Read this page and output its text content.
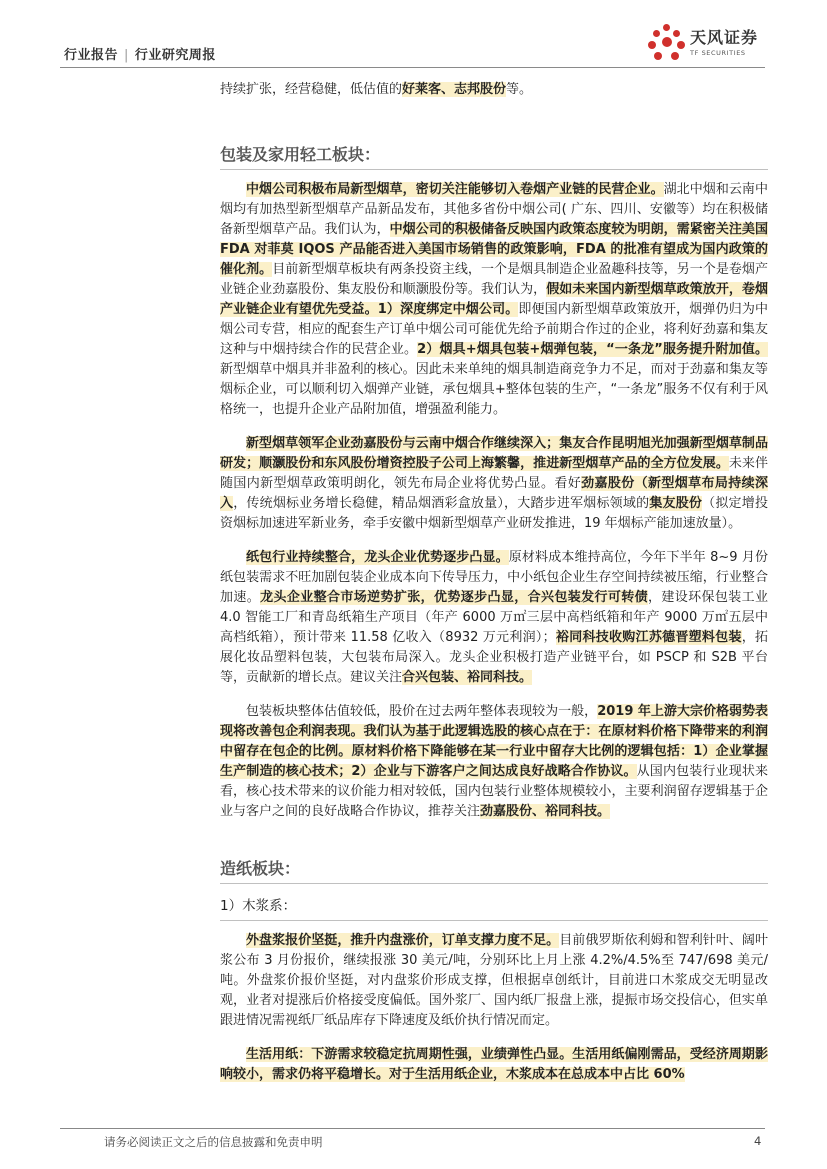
行业报告 | 行业研究周报
天风证券
TF SECURITIES

持续扩张，经营稳健，低估值的好莱客、志邦股份等。

包装及家用轻工板块：

中烟公司积极布局新型烟草，密切关注能够切入卷烟产业链的民营企业。湖北中烟和云南中烟均有加热型新型烟草产品新品发布，其他多省份中烟公司( 广东、四川、安徽等）均在积极储备新型烟草产品。我们认为，中烟公司的积极储备反映国内政策态度较为明朗，需紧密关注美国 FDA 对菲莫 IQOS 产品能否进入美国市场销售的政策影响，FDA 的批准有望成为国内政策的催化剂。目前新型烟草板块有两条投资主线，一个是烟具制造企业盈趣科技等，另一个是卷烟产业链企业劲嘉股份、集友股份和顺灏股份等。我们认为，假如未来国内新型烟草政策放开，卷烟产业链企业有望优先受益。1）深度绑定中烟公司。即便国内新型烟草政策放开，烟弹仍归为中烟公司专营，相应的配套生产订单中烟公司可能优先给予前期合作过的企业，将利好劲嘉和集友这种与中烟持续合作的民营企业。2）烟具+烟具包装+烟弹包装，“一条龙”服务提升附加值。新型烟草中烟具并非盈利的核心。因此未来单纯的烟具制造商竞争力不足，而对于劲嘉和集友等烟标企业，可以顺利切入烟弹产业链，承包烟具+整体包装的生产，“一条龙”服务不仅有利于风格统一，也提升企业产品附加值，增强盈利能力。

新型烟草领军企业劲嘉股份与云南中烟合作继续深入；集友合作昆明旭光加强新型烟草制品研发；顺灏股份和东风股份增资控股子公司上海繁馨，推进新型烟草产品的全方位发展。未来伴随国内新型烟草政策明朗化，领先布局企业将优势凸显。看好劲嘉股份（新型烟草布局持续深入，传统烟标业务增长稳健，精品烟酒彩盒放量），大踏步进军烟标领域的集友股份（拟定增投资烟标加速进军新业务，牵手安徽中烟新型烟草产业研发推进，19 年烟标产能加速放量）。

纸包行业持续整合，龙头企业优势逐步凸显。原材料成本维持高位，今年下半年 8~9 月份纸包装需求不旺加剧包装企业成本向下传导压力，中小纸包企业生存空间持续被压缩，行业整合加速。龙头企业整合市场逆势扩张，优势逐步凸显，合兴包装发行可转债，建设环保包装工业 4.0 智能工厂和青岛纸箱生产项目（年产 6000 万㎡三层中高档纸箱和年产 9000 万㎡五层中高档纸箱），预计带来 11.58 亿收入（8932 万元利润）；裕同科技收购江苏德晋塑料包装，拓展化妆品塑料包装，大包装布局深入。龙头企业积极打造产业链平台，如 PSCP 和 S2B 平台等，贡献新的增长点。建议关注合兴包装、裕同科技。

包装板块整体估值较低，股价在过去两年整体表现较为一般，2019 年上游大宗价格弱势表现将改善包企利润表现。我们认为基于此逻辑选股的核心点在于：在原材料价格下降带来的利润中留存在包企的比例。原材料价格下降能够在某一行业中留存大比例的逻辑包括：1）企业掌握生产制造的核心技术；2）企业与下游客户之间达成良好战略合作协议。从国内包装行业现状来看，核心技术带来的议价能力相对较低，国内包装行业整体规模较小，主要利润留存逻辑基于企业与客户之间的良好战略合作协议，推荐关注劲嘉股份、裕同科技。

造纸板块：
1）木浆系：

外盘浆报价坚挺，推升内盘涨价，订单支撑力度不足。目前俄罗斯依利姆和智利针叶、阔叶浆公布 3 月份报价，继续报涨 30 美元/吨，分别环比上月上涨 4.2%/4.5%至 747/698 美元/吨。外盘浆价报价坚挺，对内盘浆价形成支撑，但根据卓创纸计，目前进口木浆成交无明显改观，业者对提涨后价格接受度偏低。国外浆厂、国内纸厂报盘上涨，提振市场交投信心，但实单跟进情况需视纸厂纸品库存下降速度及纸价执行情况而定。

生活用纸：下游需求较稳定抗周期性强，业绩弹性凸显。生活用纸偏刚需品，受经济周期影响较小，需求仍将平稳增长。对于生活用纸企业，木浆成本在总成本中占比 60%

请务必阅读正文之后的信息披露和免责申明	4
